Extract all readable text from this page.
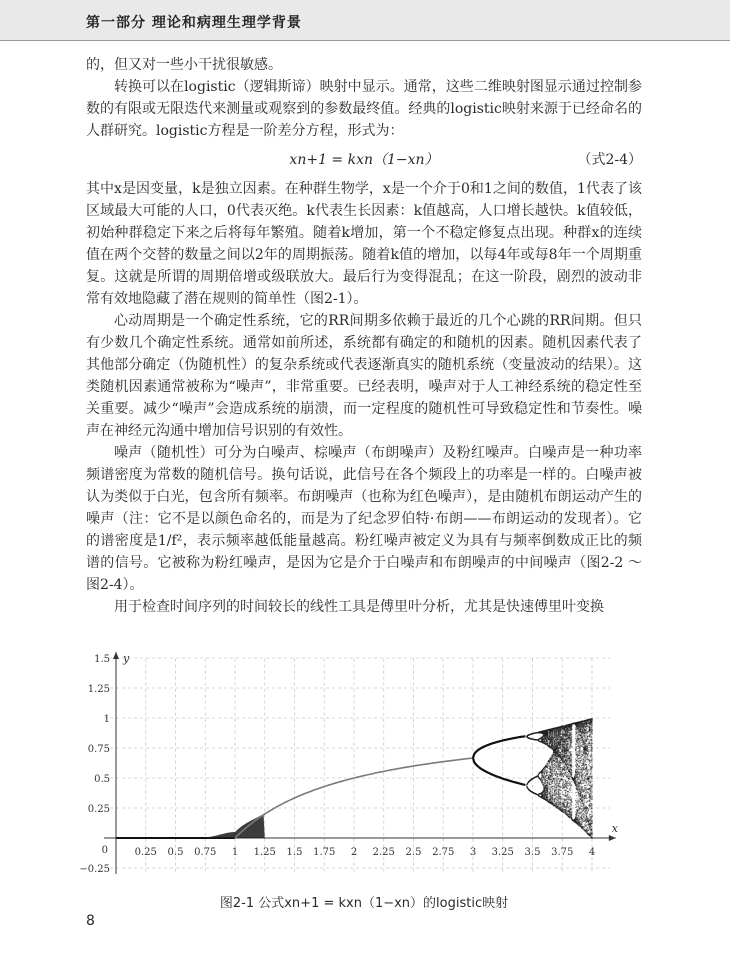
第一部分 理论和病理生理学背景

的，但又对一些小干扰很敏感。

转换可以在logistic（逻辑斯谛）映射中显示。通常，这些二维映射图显示通过控制参数的有限或无限迭代来测量或观察到的参数最终值。经典的logistic映射来源于已经命名的人群研究。logistic方程是一阶差分方程，形式为：

xn+1 = kxn（1−xn）	（式2-4）

其中x是因变量，k是独立因素。在种群生物学，x是一个介于0和1之间的数值，1代表了该区域最大可能的人口，0代表灭绝。k代表生长因素：k值越高，人口增长越快。k值较低，初始种群稳定下来之后将每年繁殖。随着k增加，第一个不稳定修复点出现。种群x的连续值在两个交替的数量之间以2年的周期振荡。随着k值的增加，以每4年或每8年一个周期重复。这就是所谓的周期倍增或级联放大。最后行为变得混乱；在这一阶段，剧烈的波动非常有效地隐藏了潜在规则的简单性（图2-1）。

心动周期是一个确定性系统，它的RR间期多依赖于最近的几个心跳的RR间期。但只有少数几个确定性系统。通常如前所述，系统都有确定的和随机的因素。随机因素代表了其他部分确定（伪随机性）的复杂系统或代表逐渐真实的随机系统（变量波动的结果）。这类随机因素通常被称为“噪声”，非常重要。已经表明，噪声对于人工神经系统的稳定性至关重要。减少“噪声”会造成系统的崩溃，而一定程度的随机性可导致稳定性和节奏性。噪声在神经元沟通中增加信号识别的有效性。

噪声（随机性）可分为白噪声、棕噪声（布朗噪声）及粉红噪声。白噪声是一种功率频谱密度为常数的随机信号。换句话说，此信号在各个频段上的功率是一样的。白噪声被认为类似于白光，包含所有频率。布朗噪声（也称为红色噪声），是由随机布朗运动产生的噪声（注：它不是以颜色命名的，而是为了纪念罗伯特·布朗——布朗运动的发现者）。它的谱密度是1/f²，表示频率越低能量越高。粉红噪声被定义为具有与频率倒数成正比的频谱的信号。它被称为粉红噪声，是因为它是介于白噪声和布朗噪声的中间噪声（图2-2 ～图2-4）。

用于检查时间序列的时间较长的线性工具是傅里叶分析，尤其是快速傅里叶变换

0.25 0.5 0.75 1 1.25 1.5 1.75 2 2.25 2.5 2.75 3 3.25 3.5 3.75 4
1.5
1.25
1
0.75
0.5
0.25
−0.25
0
x
y
图2-1 公式xn+1 = kxn（1−xn）的logistic映射
8
